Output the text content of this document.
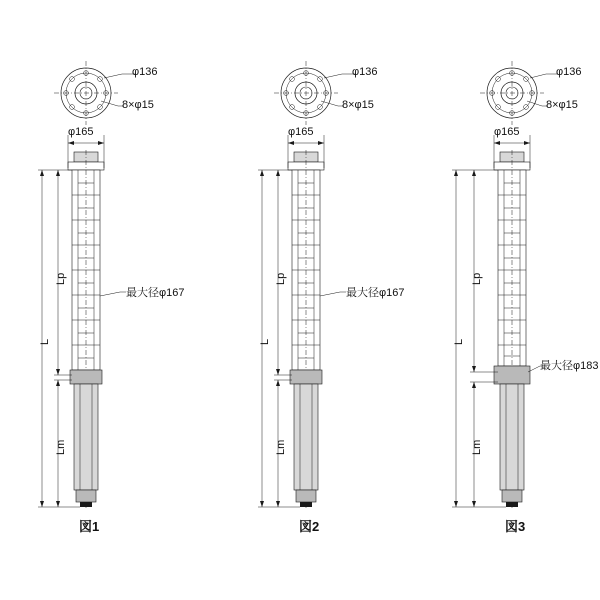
φ136
8×φ15
φ165
最大径φ167
L
Lp
Lm
図1
φ136
8×φ15
φ165
最大径φ167
L
Lp
Lm
図2
φ136
8×φ15
φ165
最大径φ183
L
Lp
Lm
図3
